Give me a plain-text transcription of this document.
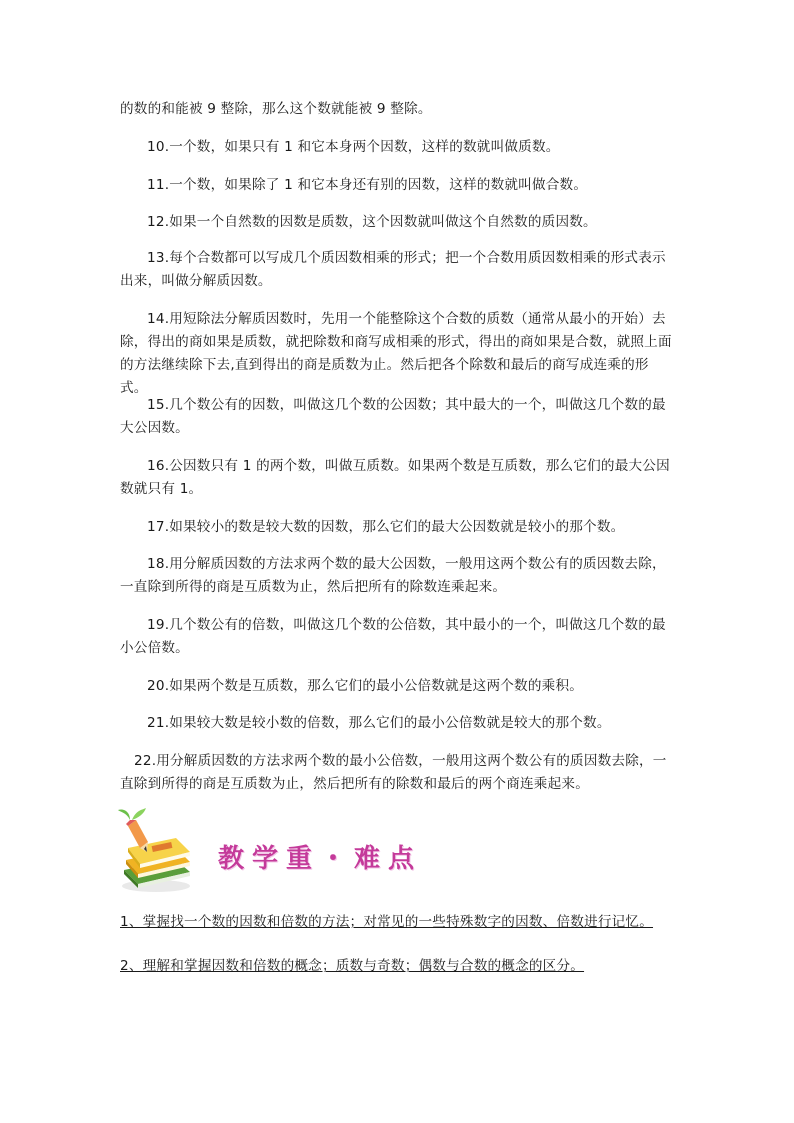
的数的和能被 9 整除，那么这个数就能被 9 整除。

10.一个数，如果只有 1 和它本身两个因数，这样的数就叫做质数。

11.一个数，如果除了 1 和它本身还有别的因数，这样的数就叫做合数。

12.如果一个自然数的因数是质数，这个因数就叫做这个自然数的质因数。

13.每个合数都可以写成几个质因数相乘的形式；把一个合数用质因数相乘的形式表示出来，叫做分解质因数。

14.用短除法分解质因数时，先用一个能整除这个合数的质数（通常从最小的开始）去除，得出的商如果是质数，就把除数和商写成相乘的形式，得出的商如果是合数，就照上面的方法继续除下去,直到得出的商是质数为止。然后把各个除数和最后的商写成连乘的形式。

15.几个数公有的因数，叫做这几个数的公因数；其中最大的一个，叫做这几个数的最大公因数。

16.公因数只有 1 的两个数，叫做互质数。如果两个数是互质数，那么它们的最大公因数就只有 1。

17.如果较小的数是较大数的因数，那么它们的最大公因数就是较小的那个数。

18.用分解质因数的方法求两个数的最大公因数，一般用这两个数公有的质因数去除，一直除到所得的商是互质数为止，然后把所有的除数连乘起来。

19.几个数公有的倍数，叫做这几个数的公倍数，其中最小的一个，叫做这几个数的最小公倍数。

20.如果两个数是互质数，那么它们的最小公倍数就是这两个数的乘积。

21.如果较大数是较小数的倍数，那么它们的最小公倍数就是较大的那个数。

22.用分解质因数的方法求两个数的最小公倍数，一般用这两个数公有的质因数去除，一直除到所得的商是互质数为止，然后把所有的除数和最后的两个商连乘起来。

教学重・难点
1、掌握找一个数的因数和倍数的方法；对常见的一些特殊数字的因数、倍数进行记忆。
2、理解和掌握因数和倍数的概念；质数与奇数；偶数与合数的概念的区分。
